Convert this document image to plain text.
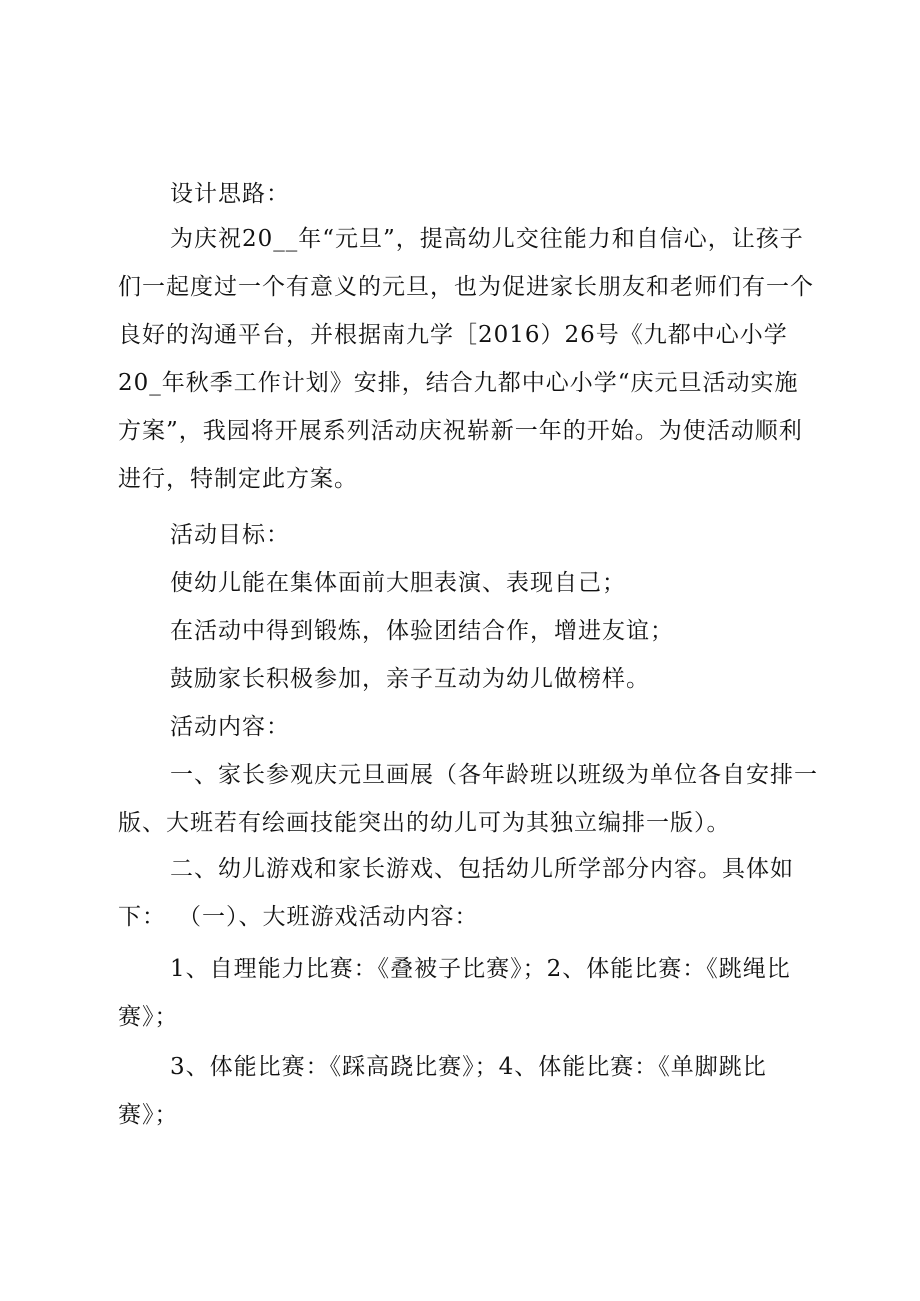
设计思路：

为庆祝20__年“元旦”，提高幼儿交往能力和自信心，让孩子们一起度过一个有意义的元旦，也为促进家长朋友和老师们有一个良好的沟通平台，并根据南九学［2016）26号《九都中心小学20_年秋季工作计划》安排，结合九都中心小学“庆元旦活动实施方案”，我园将开展系列活动庆祝崭新一年的开始。为使活动顺利进行，特制定此方案。

活动目标：

使幼儿能在集体面前大胆表演、表现自己；

在活动中得到锻炼，体验团结合作，增进友谊；

鼓励家长积极参加，亲子互动为幼儿做榜样。

活动内容：

一、家长参观庆元旦画展（各年龄班以班级为单位各自安排一版、大班若有绘画技能突出的幼儿可为其独立编排一版）。

二、幼儿游戏和家长游戏、包括幼儿所学部分内容。具体如下： （一）、大班游戏活动内容：

1、自理能力比赛：《叠被子比赛》；2、体能比赛：《跳绳比赛》；

3、体能比赛：《踩高跷比赛》；4、体能比赛：《单脚跳比赛》；
